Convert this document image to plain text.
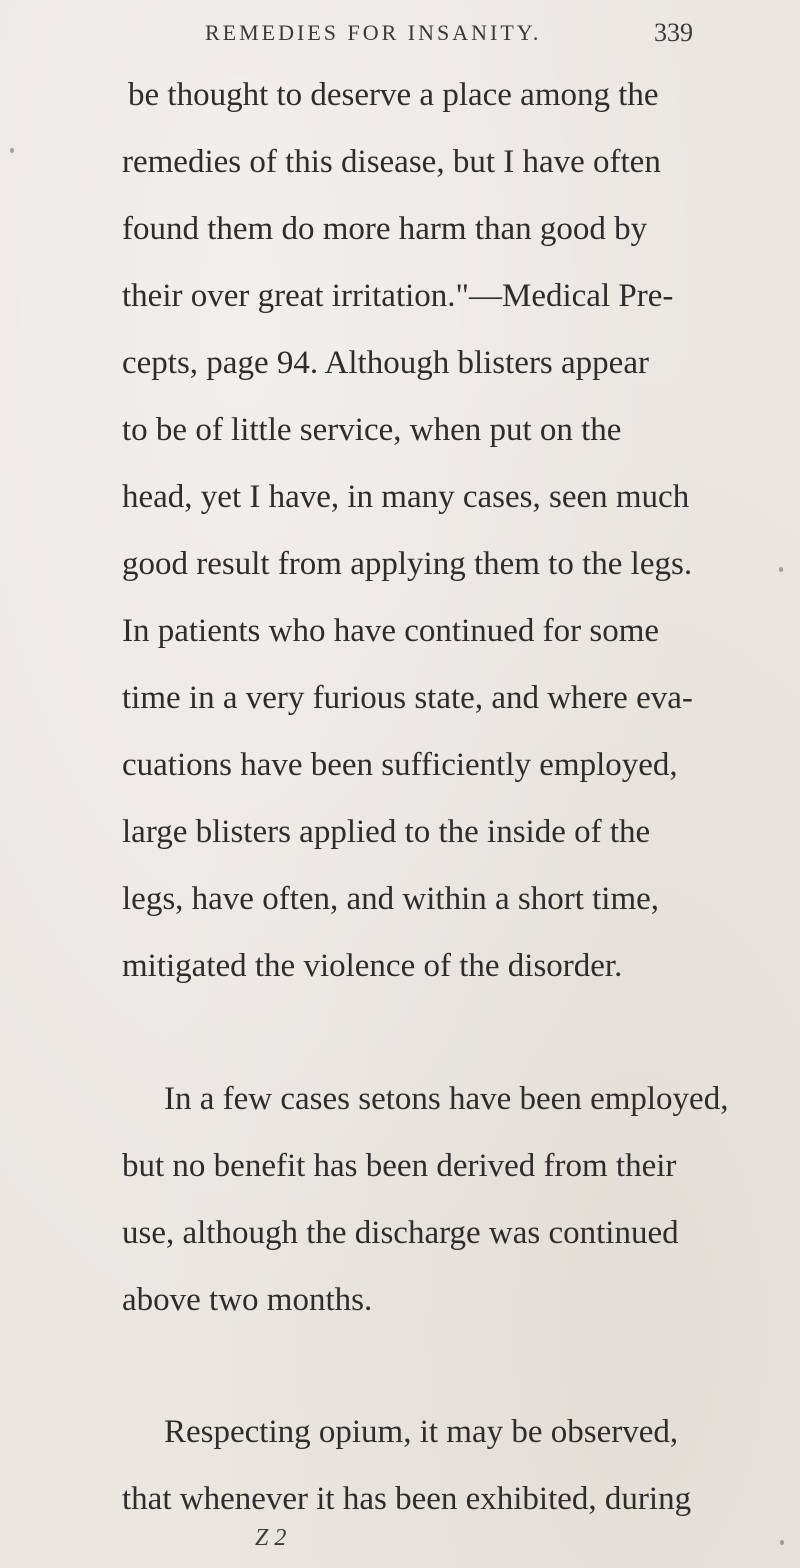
REMEDIES FOR INSANITY.	339
be thought to deserve a place among the
remedies of this disease, but I have often
found them do more harm than good by
their over great irritation."—Medical Pre-
cepts, page 94. Although blisters appear
to be of little service, when put on the
head, yet I have, in many cases, seen much
good result from applying them to the legs.
In patients who have continued for some
time in a very furious state, and where eva-
cuations have been sufficiently employed,
large blisters applied to the inside of the
legs, have often, and within a short time,
mitigated the violence of the disorder.
In a few cases setons have been employed,
but no benefit has been derived from their
use, although the discharge was continued
above two months.
Respecting opium, it may be observed,
that whenever it has been exhibited, during
Z 2
